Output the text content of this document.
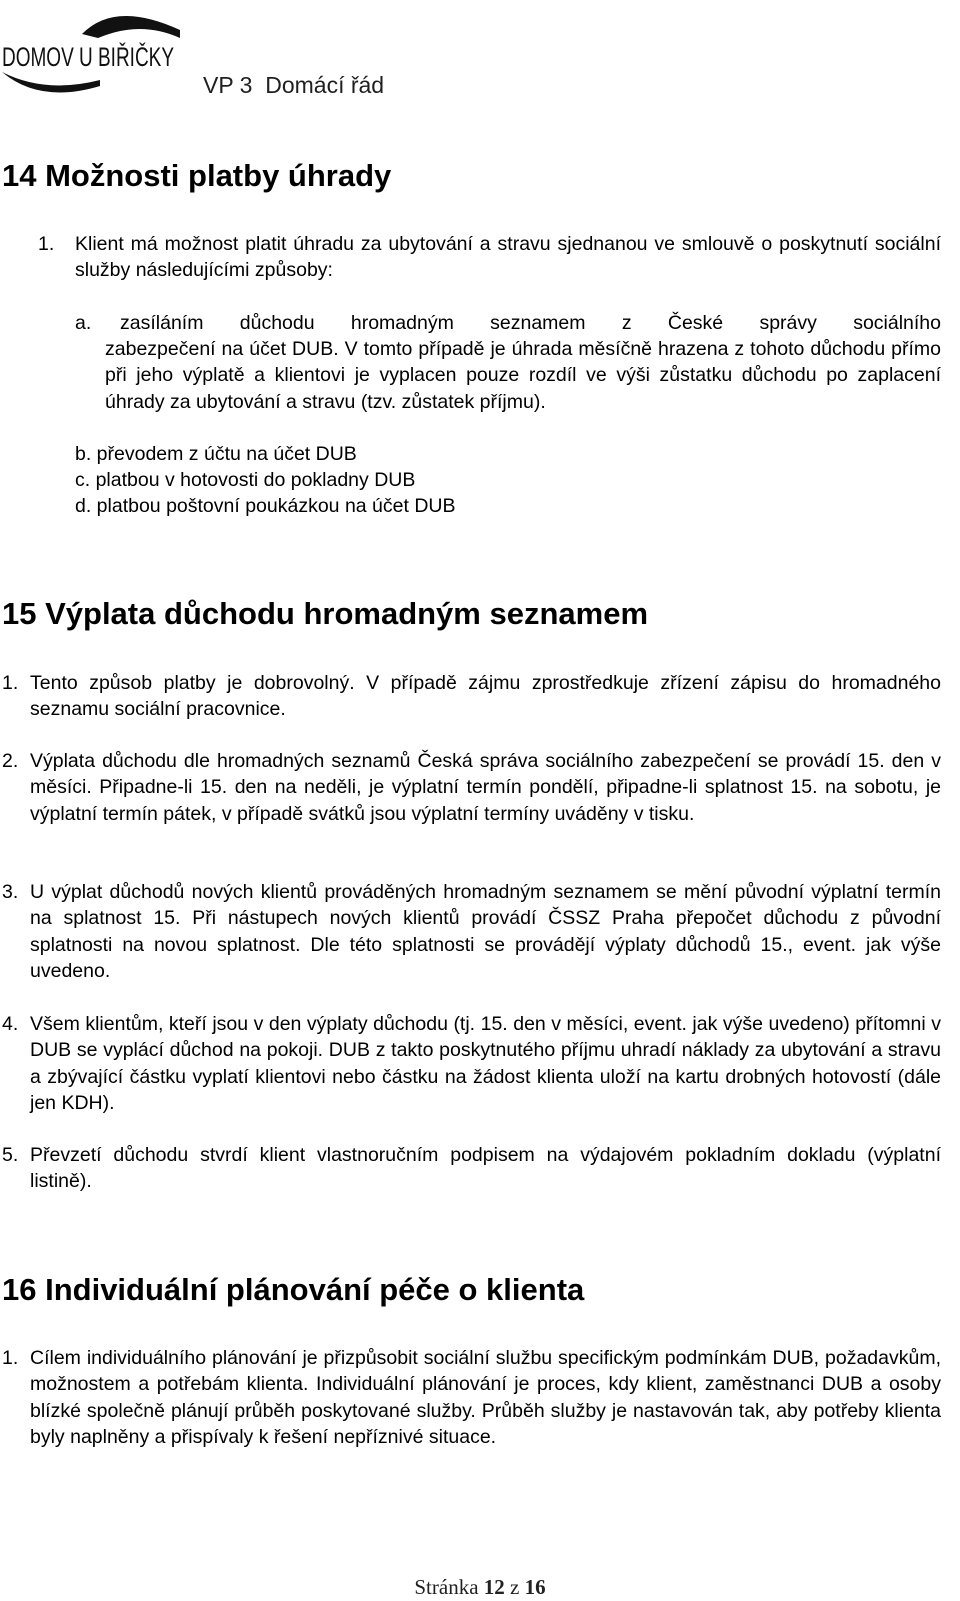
DOMOV U BIŘIČKY
VP 3  Domácí řád
14 Možnosti platby úhrady
1. Klient má možnost platit úhradu za ubytování a stravu sjednanou ve smlouvě o poskytnutí sociální služby následujícími způsoby:
a. zasíláním důchodu hromadným seznamem z České správy sociálního
zabezpečení na účet DUB. V tomto případě je úhrada měsíčně hrazena z tohoto důchodu přímo při jeho výplatě a klientovi je vyplacen pouze rozdíl ve výši zůstatku důchodu po zaplacení úhrady za ubytování a stravu (tzv. zůstatek příjmu).
b. převodem z účtu na účet DUB
c. platbou v hotovosti do pokladny DUB
d. platbou poštovní poukázkou na účet DUB
15 Výplata důchodu hromadným seznamem
1. Tento způsob platby je dobrovolný. V případě zájmu zprostředkuje zřízení zápisu do hromadného seznamu sociální pracovnice.
2. Výplata důchodu dle hromadných seznamů Česká správa sociálního zabezpečení se provádí 15. den v měsíci. Připadne-li 15. den na neděli, je výplatní termín pondělí, připadne-li splatnost 15. na sobotu, je výplatní termín pátek, v případě svátků jsou výplatní termíny uváděny v tisku.
3. U výplat důchodů nových klientů prováděných hromadným seznamem se mění původní výplatní termín na splatnost 15. Při nástupech nových klientů provádí ČSSZ Praha přepočet důchodu z původní splatnosti na novou splatnost. Dle této splatnosti se provádějí výplaty důchodů 15., event. jak výše uvedeno.
4. Všem klientům, kteří jsou v den výplaty důchodu (tj. 15. den v měsíci, event. jak výše uvedeno) přítomni v DUB se vyplácí důchod na pokoji. DUB z takto poskytnutého příjmu uhradí náklady za ubytování a stravu a zbývající částku vyplatí klientovi nebo částku na žádost klienta uloží na kartu drobných hotovostí (dále jen KDH).
5. Převzetí důchodu stvrdí klient vlastnoručním podpisem na výdajovém pokladním dokladu (výplatní listině).
16 Individuální plánování péče o klienta
1. Cílem individuálního plánování je přizpůsobit sociální službu specifickým podmínkám DUB, požadavkům, možnostem a potřebám klienta. Individuální plánování je proces, kdy klient, zaměstnanci DUB a osoby blízké společně plánují průběh poskytované služby. Průběh služby je nastavován tak, aby potřeby klienta byly naplněny a přispívaly k řešení nepříznivé situace.
Stránka 12 z 16
